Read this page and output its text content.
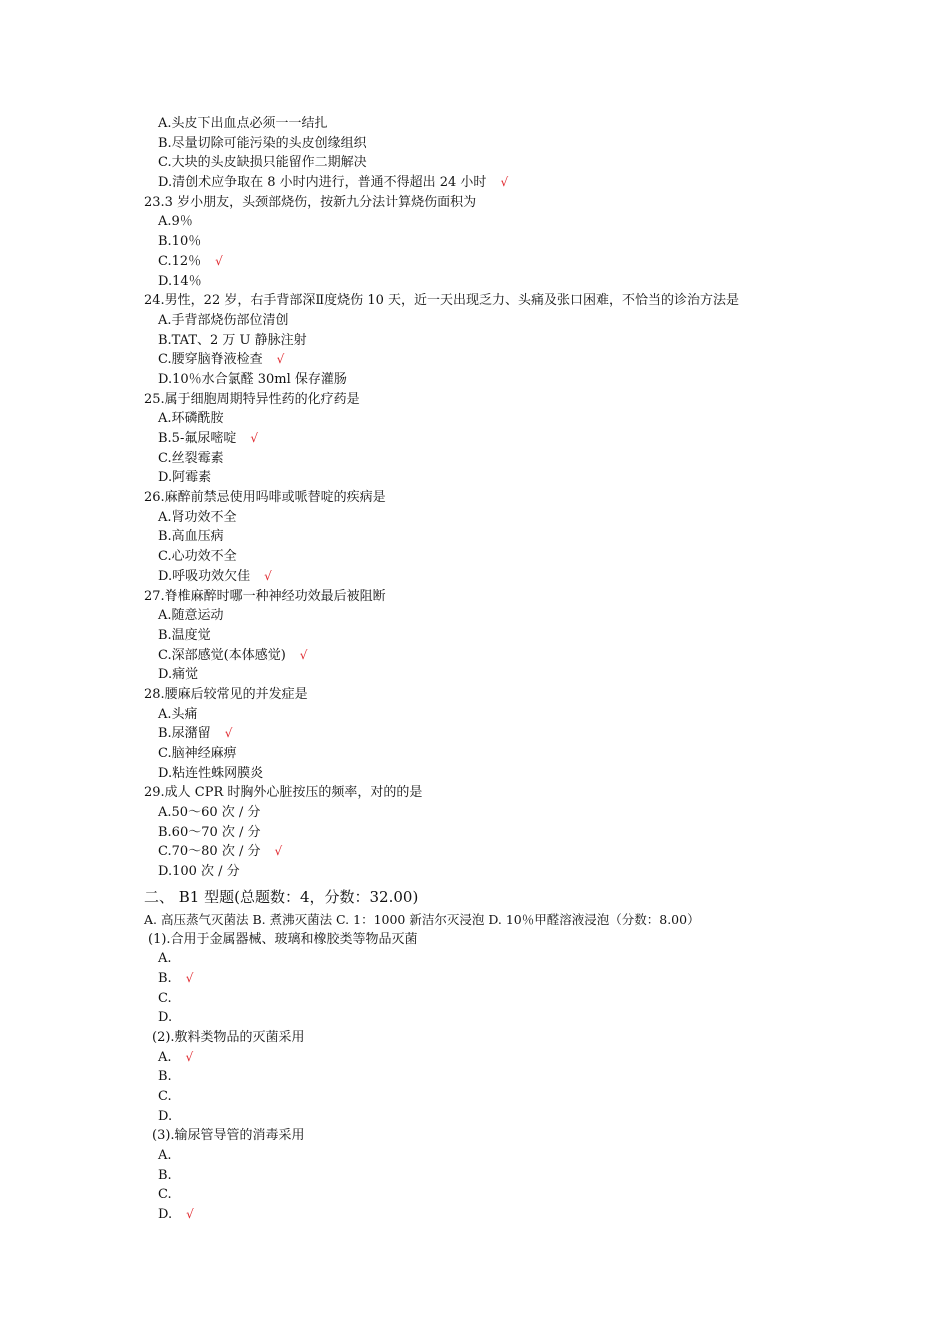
A.头皮下出血点必须一一结扎
B.尽量切除可能污染的头皮创缘组织
C.大块的头皮缺损只能留作二期解决
D.清创术应争取在 8 小时内进行，普通不得超出 24 小时 √
23.3 岁小朋友，头颈部烧伤，按新九分法计算烧伤面积为
A.9％
B.10％
C.12％ √
D.14％
24.男性，22 岁，右手背部深Ⅱ度烧伤 10 天，近一天出现乏力、头痛及张口困难，不恰当的诊治方法是
A.手背部烧伤部位清创
B.TAT、2 万 U 静脉注射
C.腰穿脑脊液检查 √
D.10％水合氯醛 30ml 保存灌肠
25.属于细胞周期特异性药的化疗药是
A.环磷酰胺
B.5-氟尿嘧啶 √
C.丝裂霉素
D.阿霉素
26.麻醉前禁忌使用吗啡或哌替啶的疾病是
A.肾功效不全
B.高血压病
C.心功效不全
D.呼吸功效欠佳 √
27.脊椎麻醉时哪一种神经功效最后被阻断
A.随意运动
B.温度觉
C.深部感觉(本体感觉) √
D.痛觉
28.腰麻后较常见的并发症是
A.头痛
B.尿潴留 √
C.脑神经麻痹
D.粘连性蛛网膜炎
29.成人 CPR 时胸外心脏按压的频率，对的的是
A.50～60 次 / 分
B.60～70 次 / 分
C.70～80 次 / 分 √
D.100 次 / 分
二、 B1 型题(总题数：4，分数：32.00)
A. 高压蒸气灭菌法 B. 煮沸灭菌法 C. 1：1000 新洁尔灭浸泡 D. 10％甲醛溶液浸泡（分数：8.00）
(1).合用于金属器械、玻璃和橡胶类等物品灭菌
A.
B. √
C.
D.
(2).敷料类物品的灭菌采用
A. √
B.
C.
D.
(3).输尿管导管的消毒采用
A.
B.
C.
D. √
